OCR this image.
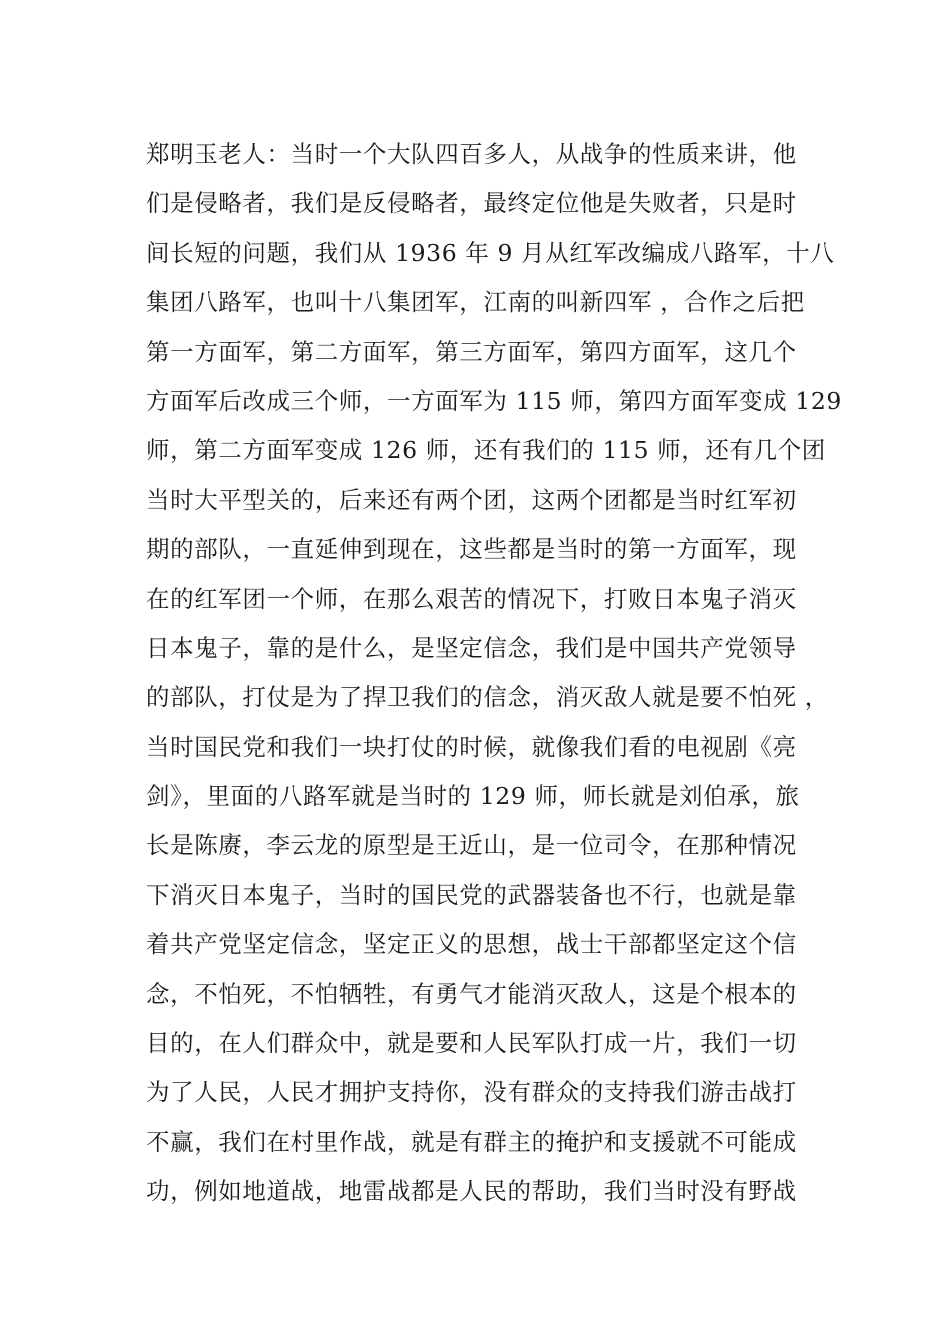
郑明玉老人：当时一个大队四百多人，从战争的性质来讲，他
们是侵略者，我们是反侵略者，最终定位他是失败者，只是时
间长短的问题，我们从 1936 年 9 月从红军改编成八路军，十八
集团八路军，也叫十八集团军，江南的叫新四军 ，合作之后把
第一方面军，第二方面军，第三方面军，第四方面军，这几个
方面军后改成三个师，一方面军为 115 师，第四方面军变成 129
师，第二方面军变成 126 师，还有我们的 115 师，还有几个团
当时大平型关的，后来还有两个团，这两个团都是当时红军初
期的部队，一直延伸到现在，这些都是当时的第一方面军，现
在的红军团一个师，在那么艰苦的情况下，打败日本鬼子消灭
日本鬼子，靠的是什么，是坚定信念，我们是中国共产党领导
的部队，打仗是为了捍卫我们的信念，消灭敌人就是要不怕死 ，
当时国民党和我们一块打仗的时候，就像我们看的电视剧《亮
剑》，里面的八路军就是当时的 129 师，师长就是刘伯承，旅
长是陈赓，李云龙的原型是王近山，是一位司令，在那种情况
下消灭日本鬼子，当时的国民党的武器装备也不行，也就是靠
着共产党坚定信念，坚定正义的思想，战士干部都坚定这个信
念，不怕死，不怕牺牲，有勇气才能消灭敌人，这是个根本的
目的，在人们群众中，就是要和人民军队打成一片，我们一切
为了人民，人民才拥护支持你，没有群众的支持我们游击战打
不赢，我们在村里作战，就是有群主的掩护和支援就不可能成
功，例如地道战，地雷战都是人民的帮助，我们当时没有野战
